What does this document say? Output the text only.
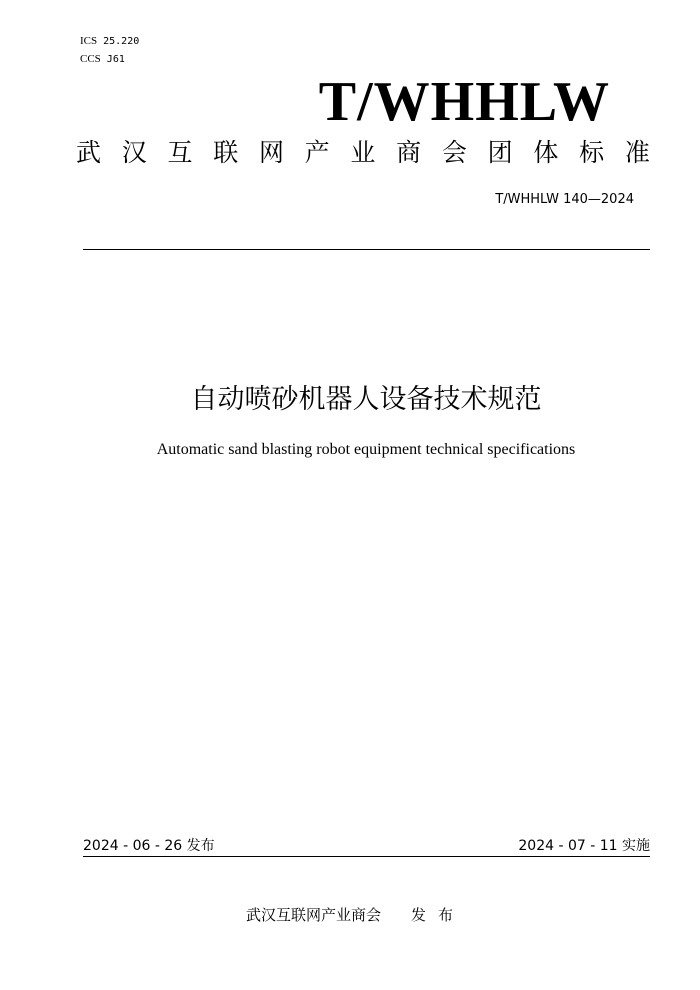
ICS 25.220
CCS J61
T/WHHLW
武 汉 互 联 网 产 业 商 会 团 体 标 准
T/WHHLW 140—2024
自动喷砂机器人设备技术规范
Automatic sand blasting robot equipment technical specifications
2024 - 06 - 26 发布	2024 - 07 - 11 实施
武汉互联网产业商会 发布
